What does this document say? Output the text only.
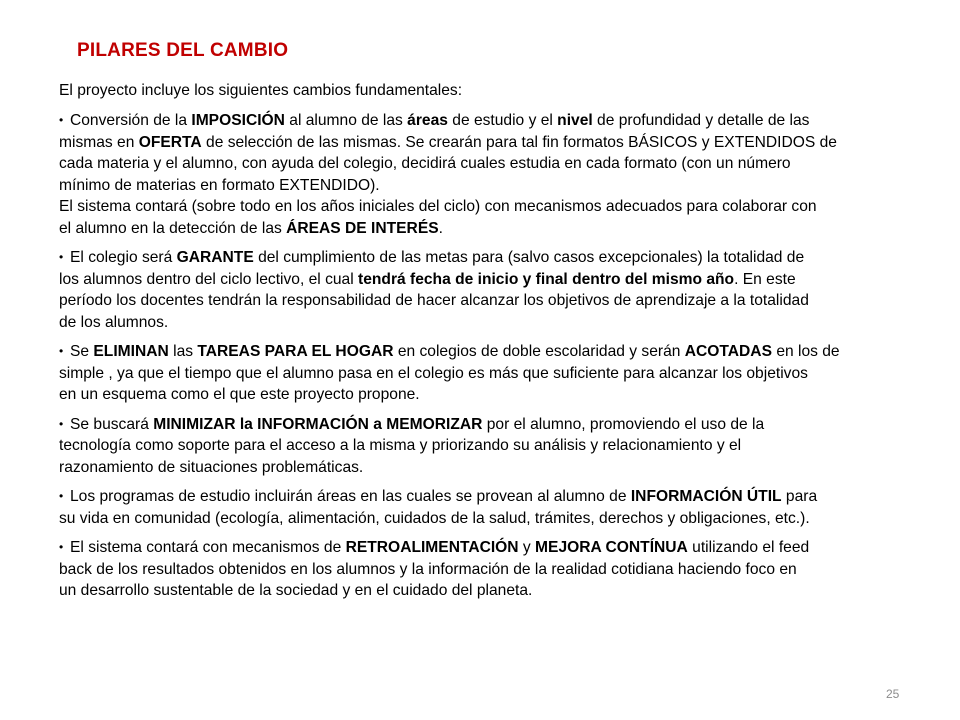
PILARES DEL CAMBIO

El proyecto incluye los siguientes cambios fundamentales:

• Conversión de la IMPOSICIÓN al alumno de las áreas de estudio y el nivel de profundidad y detalle de las
mismas en OFERTA de selección de las mismas. Se crearán para tal fin formatos BÁSICOS y EXTENDIDOS de
cada materia y el alumno, con ayuda del colegio, decidirá cuales estudia en cada formato (con un número
mínimo de materias en formato EXTENDIDO).
El sistema contará (sobre todo en los años iniciales del ciclo) con mecanismos adecuados para colaborar con
el alumno en la detección de las ÁREAS DE INTERÉS.

• El colegio será GARANTE del cumplimiento de las metas para (salvo casos excepcionales) la totalidad de
los alumnos dentro del ciclo lectivo, el cual tendrá fecha de inicio y final dentro del mismo año. En este
período los docentes tendrán la responsabilidad de hacer alcanzar los objetivos de aprendizaje a la totalidad
de los alumnos.

• Se ELIMINAN las TAREAS PARA EL HOGAR en colegios de doble escolaridad y serán ACOTADAS en los de
simple , ya que el tiempo que el alumno pasa en el colegio es más que suficiente para alcanzar los objetivos
en un esquema como el que este proyecto propone.

• Se buscará MINIMIZAR la INFORMACIÓN a MEMORIZAR por el alumno, promoviendo el uso de la
tecnología como soporte para el acceso a la misma y priorizando su análisis y relacionamiento y el
razonamiento de situaciones problemáticas.

• Los programas de estudio incluirán áreas en las cuales se provean al alumno de INFORMACIÓN ÚTIL para
su vida en comunidad (ecología, alimentación, cuidados de la salud, trámites, derechos y obligaciones, etc.).

• El sistema contará con mecanismos de RETROALIMENTACIÓN y MEJORA CONTÍNUA utilizando el feed
back de los resultados obtenidos en los alumnos y la información de la realidad cotidiana haciendo foco en
un desarrollo sustentable de la sociedad y en el cuidado del planeta.

25
